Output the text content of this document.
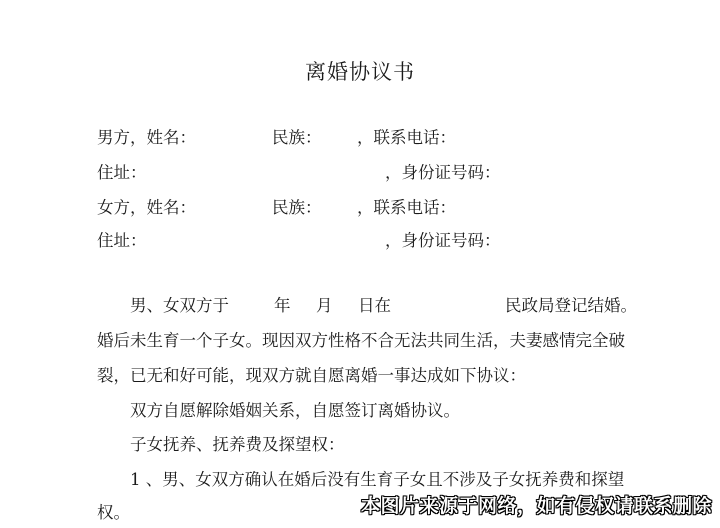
离婚协议书
男方，姓名：	民族： ，联系电话：
住址：	，身份证号码：
女方，姓名：	民族： ，联系电话：
住址：	，身份证号码：
男、女双方于	年 月 日在	民政局登记结婚。
婚后未生育一个子女。现因双方性格不合无法共同生活，夫妻感情完全破
裂，已无和好可能，现双方就自愿离婚一事达成如下协议：
双方自愿解除婚姻关系，自愿签订离婚协议。
子女抚养、抚养费及探望权：
1 、男、女双方确认在婚后没有生育子女且不涉及子女抚养费和探望
权。	本图片来源于网络，如有侵权请联系删除
